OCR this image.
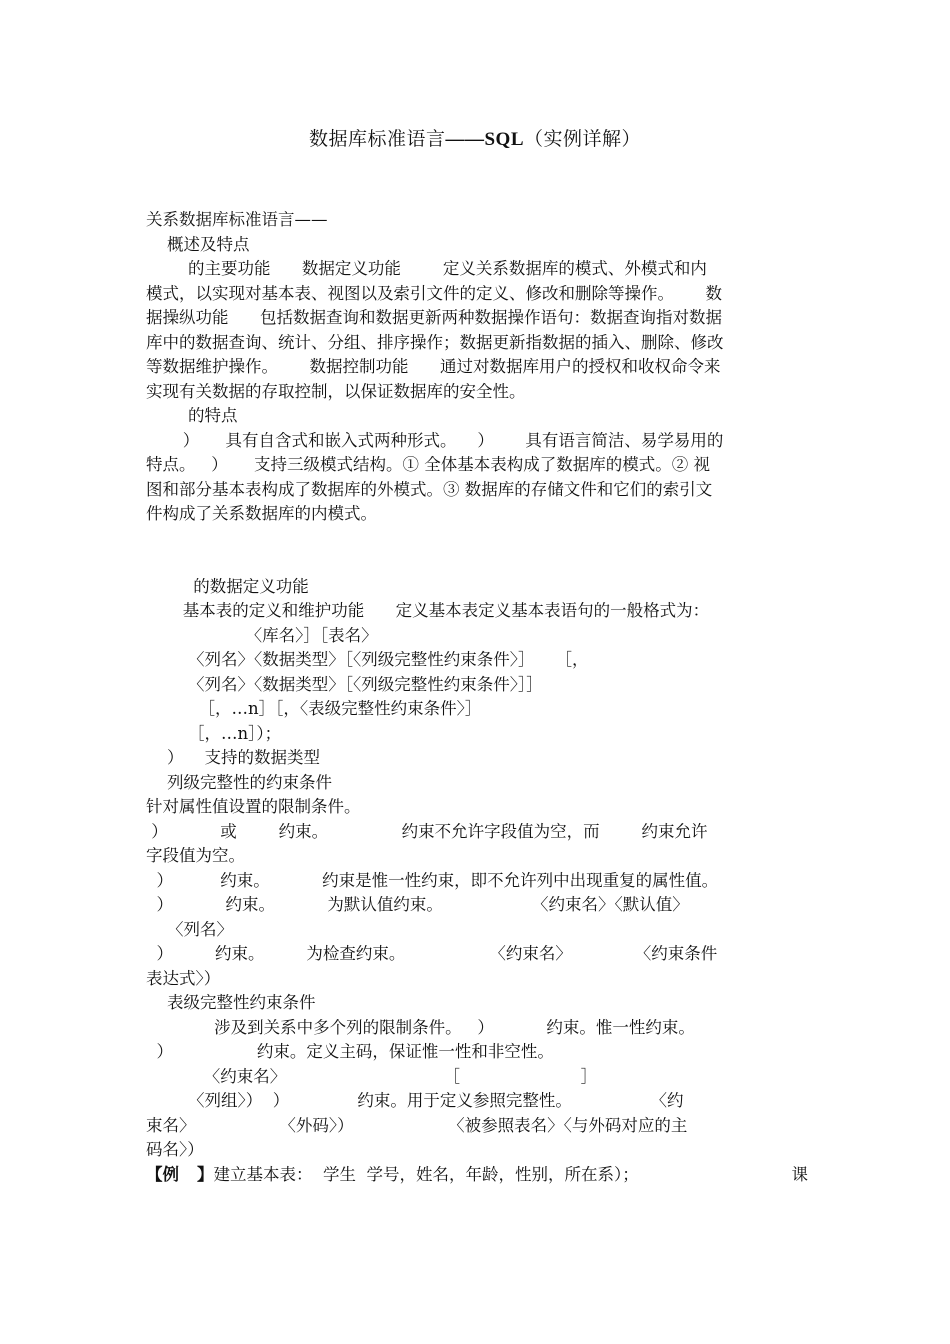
数据库标准语言——SQL（实例详解）
关系数据库标准语言——
概述及特点
的主要功能      数据定义功能        定义关系数据库的模式、外模式和内
模式，以实现对基本表、视图以及索引文件的定义、修改和删除等操作。      数
据操纵功能      包括数据查询和数据更新两种数据操作语句：数据查询指对数据
库中的数据查询、统计、分组、排序操作；数据更新指数据的插入、删除、修改
等数据维护操作。      数据控制功能      通过对数据库用户的授权和收权命令来
实现有关数据的存取控制，以保证数据库的安全性。
的特点
）     具有自含式和嵌入式两种形式。    ）      具有语言简洁、易学易用的
特点。   ）     支持三级模式结构。① 全体基本表构成了数据库的模式。② 视
图和部分基本表构成了数据库的外模式。③ 数据库的存储文件和它们的索引文
件构成了关系数据库的内模式。
的数据定义功能
基本表的定义和维护功能      定义基本表定义基本表语句的一般格式为：
〈库名〉］［表名〉
〈列名〉〈数据类型〉［〈列级完整性约束条件〉］    ［，
〈列名〉〈数据类型〉［〈列级完整性约束条件〉］］
［，…n］［，〈表级完整性约束条件〉］
［，…n］）；
）    支持的数据类型
列级完整性的约束条件
针对属性值设置的限制条件。
）          或        约束。              约束不允许字段值为空，而        约束允许
字段值为空。
）         约束。          约束是惟一性约束，即不允许列中出现重复的属性值。
）          约束。          为默认值约束。                 〈约束名〉〈默认值〉
〈列名〉
）        约束。        为检查约束。                〈约束名〉            〈约束条件
表达式〉）
表级完整性约束条件
涉及到关系中多个列的限制条件。   ）          约束。惟一性约束。
）                约束。定义主码，保证惟一性和非空性。
〈约束名〉                              ［                       ］
〈列组〉）  ）             约束。用于定义参照完整性。               〈约
束名〉                〈外码〉）                  〈被参照表名〉〈与外码对应的主
码名〉）
【例 】 建立基本表：  学生  学号，姓名，年龄，性别，所在系）；	课
